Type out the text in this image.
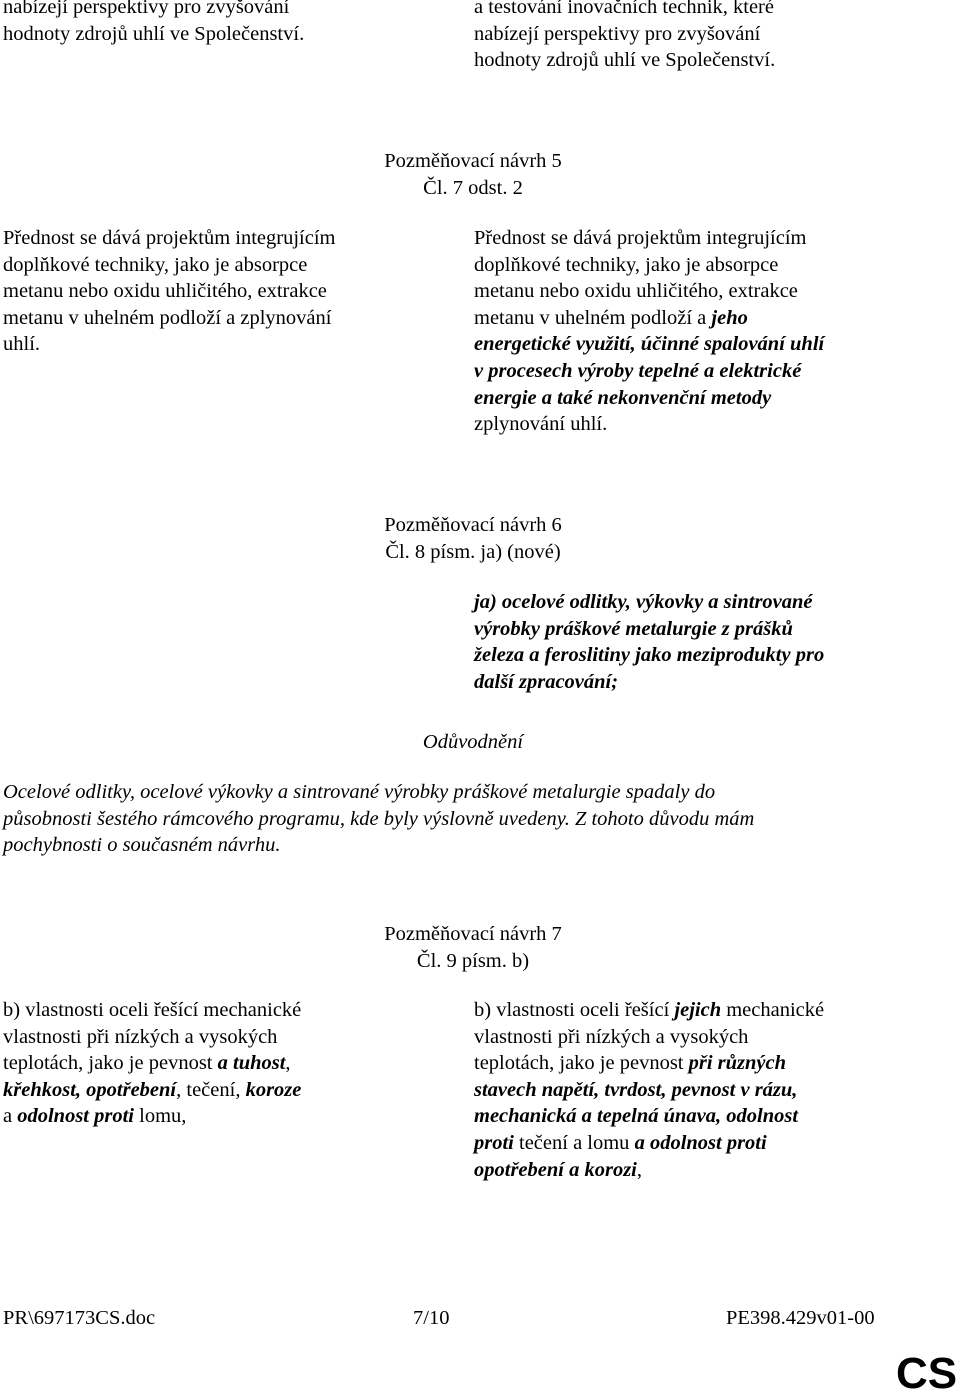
nabízejí perspektivy pro zvyšování
hodnoty zdrojů uhlí ve Společenství.
a testování inovačních technik, které
nabízejí perspektivy pro zvyšování
hodnoty zdrojů uhlí ve Společenství.
Pozměňovací návrh 5
Čl. 7 odst. 2
Přednost se dává projektům integrujícím
doplňkové techniky, jako je absorpce
metanu nebo oxidu uhličitého, extrakce
metanu v uhelném podloží a zplynování
uhlí.
Přednost se dává projektům integrujícím
doplňkové techniky, jako je absorpce
metanu nebo oxidu uhličitého, extrakce
metanu v uhelném podloží a jeho
energetické využití, účinné spalování uhlí
v procesech výroby tepelné a elektrické
energie a také nekonvenční metody
zplynování uhlí.
Pozměňovací návrh 6
Čl. 8 písm. ja) (nové)
ja) ocelové odlitky, výkovky a sintrované
výrobky práškové metalurgie z prášků
železa a feroslitiny jako meziprodukty pro
další zpracování;
Odůvodnění
Ocelové odlitky, ocelové výkovky a sintrované výrobky práškové metalurgie spadaly do
působnosti šestého rámcového programu, kde byly výslovně uvedeny. Z tohoto důvodu mám
pochybnosti o současném návrhu.
Pozměňovací návrh 7
Čl. 9 písm. b)
b) vlastnosti oceli řešící mechanické
vlastnosti při nízkých a vysokých
teplotách, jako je pevnost a tuhost,
křehkost, opotřebení, tečení, koroze
a odolnost proti lomu,
b) vlastnosti oceli řešící jejich mechanické
vlastnosti při nízkých a vysokých
teplotách, jako je pevnost při různých
stavech napětí, tvrdost, pevnost v rázu,
mechanická a tepelná únava, odolnost
proti tečení a lomu a odolnost proti
opotřebení a korozi,
PR\697173CS.doc	7/10	PE398.429v01-00
CS
